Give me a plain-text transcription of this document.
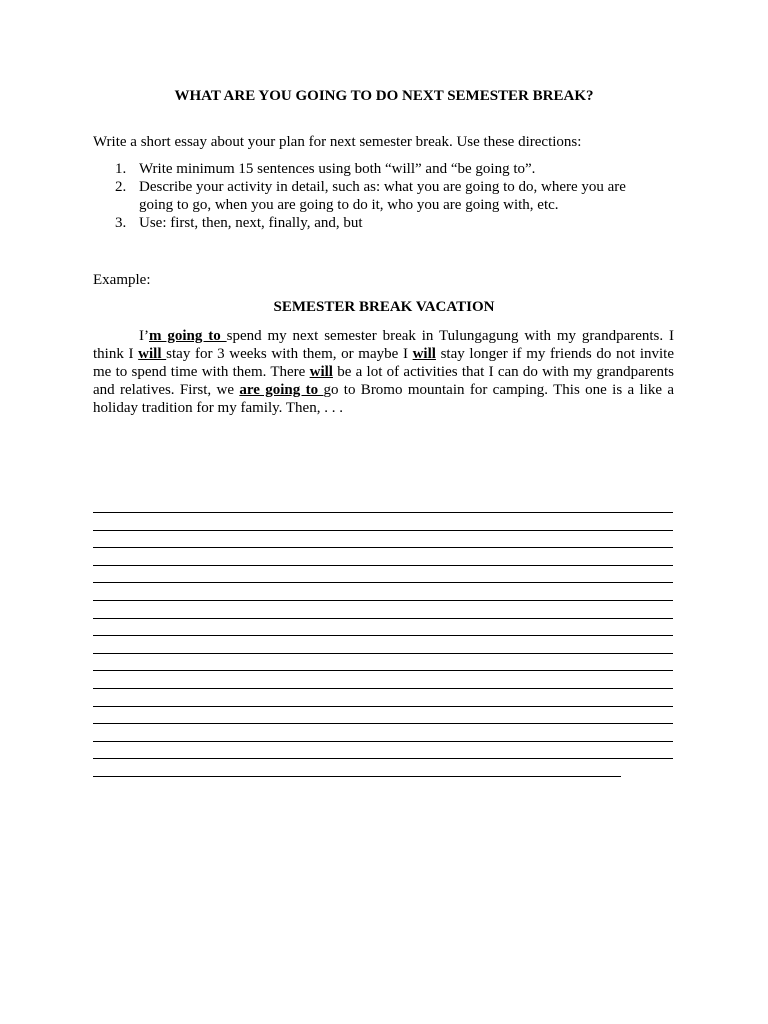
WHAT ARE YOU GOING TO DO NEXT SEMESTER BREAK?

Write a short essay about your plan for next semester break. Use these directions:

1. Write minimum 15 sentences using both “will” and “be going to”.
2. Describe your activity in detail, such as: what you are going to do, where you are going to go, when you are going to do it, who you are going with, etc.
3. Use: first, then, next, finally, and, but

Example:

SEMESTER BREAK VACATION

I’m going to spend my next semester break in Tulungagung with my grandparents. I think I will stay for 3 weeks with them, or maybe I will stay longer if my friends do not invite me to spend time with them. There will be a lot of activities that I can do with my grandparents and relatives. First, we are going to go to Bromo mountain for camping. This one is a like a holiday tradition for my family. Then, . . .
